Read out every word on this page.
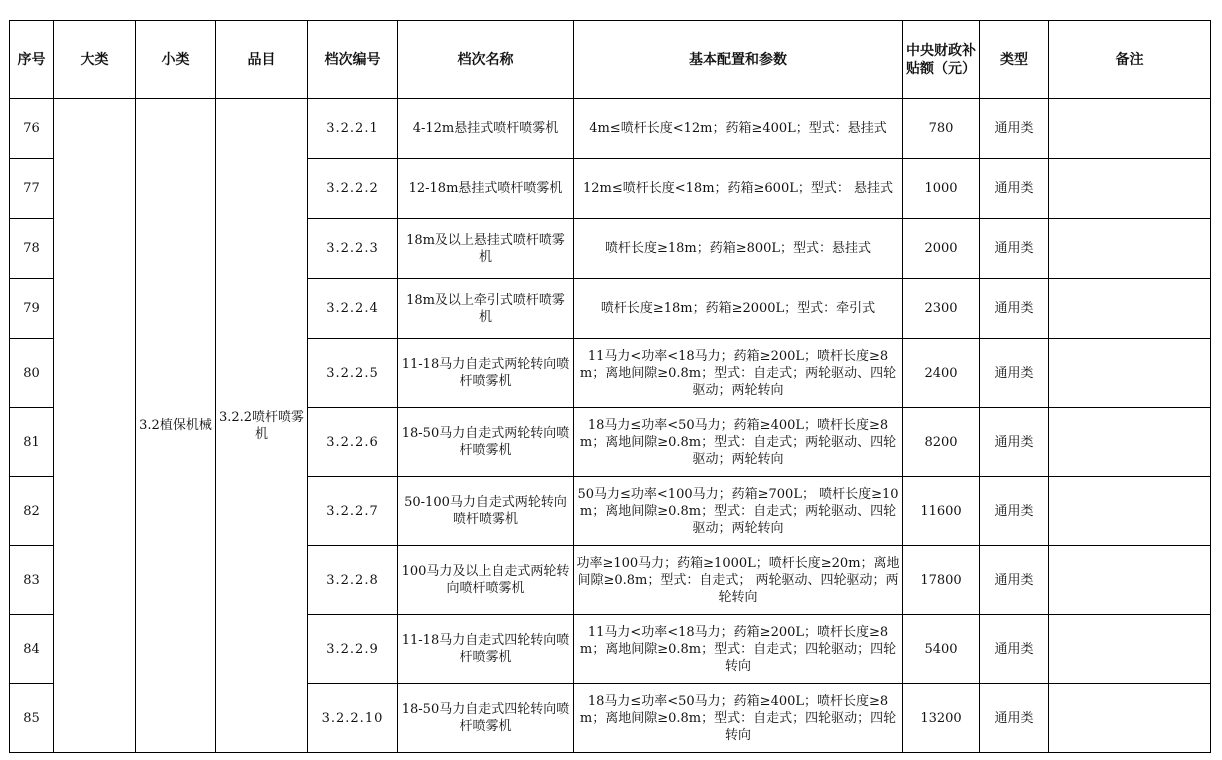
序号	大类	小类	品目	档次编号	档次名称	基本配置和参数	中央财政补贴额（元）	类型	备注
76		3.2植保机械	3.2.2喷杆喷雾机	3.2.2.1	4-12m悬挂式喷杆喷雾机	4m≤喷杆长度<12m；药箱≥400L；型式：悬挂式	780	通用类	
77				3.2.2.2	12-18m悬挂式喷杆喷雾机	12m≤喷杆长度<18m；药箱≥600L；型式： 悬挂式	1000	通用类	
78				3.2.2.3	18m及以上悬挂式喷杆喷雾机	喷杆长度≥18m；药箱≥800L；型式：悬挂式	2000	通用类	
79				3.2.2.4	18m及以上牵引式喷杆喷雾机	喷杆长度≥18m；药箱≥2000L；型式：牵引式	2300	通用类	
80				3.2.2.5	11-18马力自走式两轮转向喷杆喷雾机	11马力<功率<18马力；药箱≥200L；喷杆长度≥8m；离地间隙≥0.8m；型式：自走式；两轮驱动、四轮驱动；两轮转向	2400	通用类	
81				3.2.2.6	18-50马力自走式两轮转向喷杆喷雾机	18马力≤功率<50马力；药箱≥400L；喷杆长度≥8m；离地间隙≥0.8m；型式：自走式；两轮驱动、四轮驱动；两轮转向	8200	通用类	
82				3.2.2.7	50-100马力自走式两轮转向喷杆喷雾机	50马力≤功率<100马力；药箱≥700L； 喷杆长度≥10m；离地间隙≥0.8m；型式：自走式；两轮驱动、四轮驱动；两轮转向	11600	通用类	
83				3.2.2.8	100马力及以上自走式两轮转向喷杆喷雾机	功率≥100马力；药箱≥1000L；喷杆长度≥20m；离地间隙≥0.8m；型式：自走式； 两轮驱动、四轮驱动；两轮转向	17800	通用类	
84				3.2.2.9	11-18马力自走式四轮转向喷杆喷雾机	11马力<功率<18马力；药箱≥200L；喷杆长度≥8m；离地间隙≥0.8m；型式：自走式；四轮驱动；四轮转向	5400	通用类	
85				3.2.2.10	18-50马力自走式四轮转向喷杆喷雾机	18马力≤功率<50马力；药箱≥400L；喷杆长度≥8m；离地间隙≥0.8m；型式：自走式；四轮驱动；四轮转向	13200	通用类	
